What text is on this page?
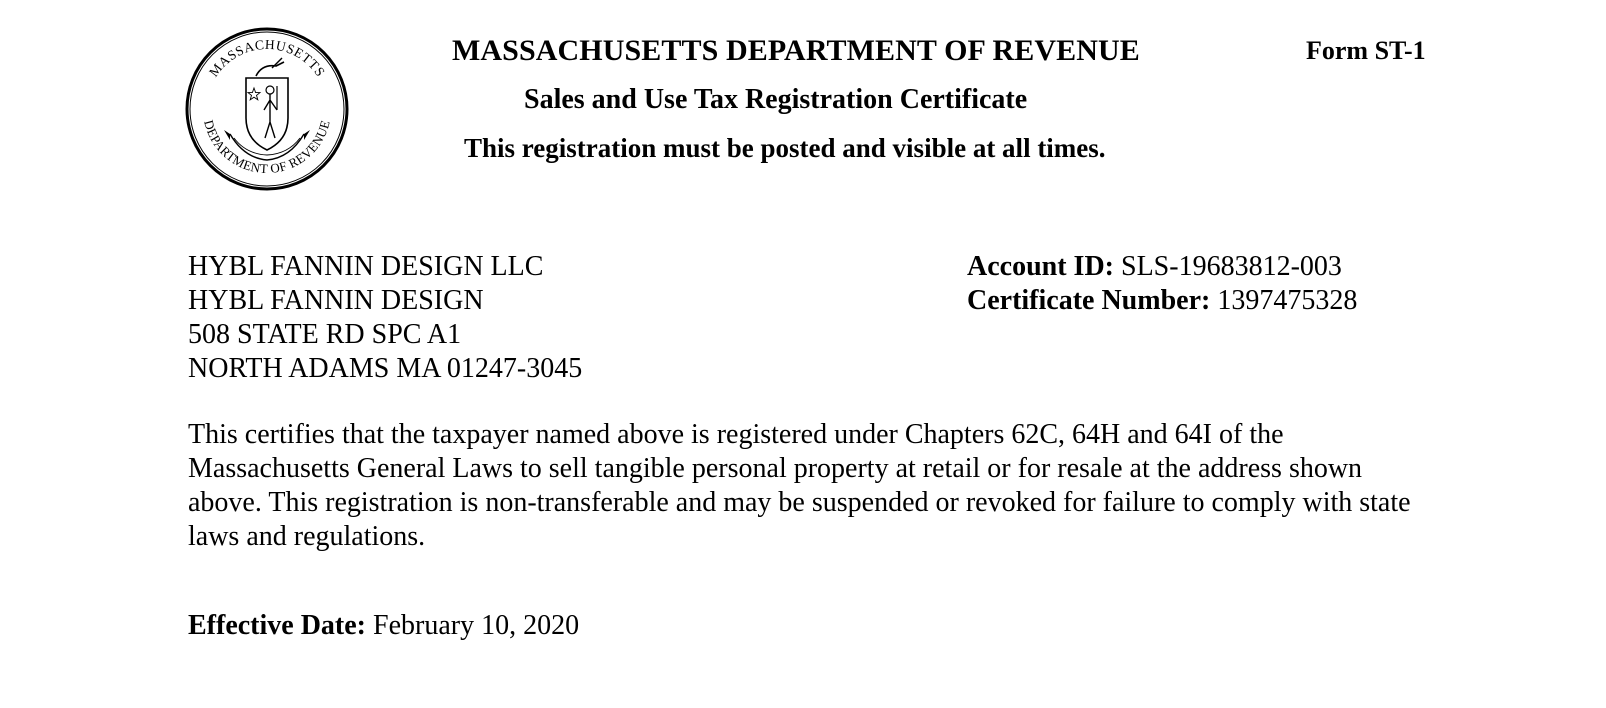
MASSACHUSETTS
DEPARTMENT OF REVENUE
MASSACHUSETTS DEPARTMENT OF REVENUE	Form ST-1
Sales and Use Tax Registration Certificate
This registration must be posted and visible at all times.
HYBL FANNIN DESIGN LLC
HYBL FANNIN DESIGN
508 STATE RD SPC A1
NORTH ADAMS MA 01247-3045
Account ID: SLS-19683812-003
Certificate Number: 1397475328
This certifies that the taxpayer named above is registered under Chapters 62C, 64H and 64I of the Massachusetts General Laws to sell tangible personal property at retail or for resale at the address shown above. This registration is non-transferable and may be suspended or revoked for failure to comply with state laws and regulations.
Effective Date: February 10, 2020
